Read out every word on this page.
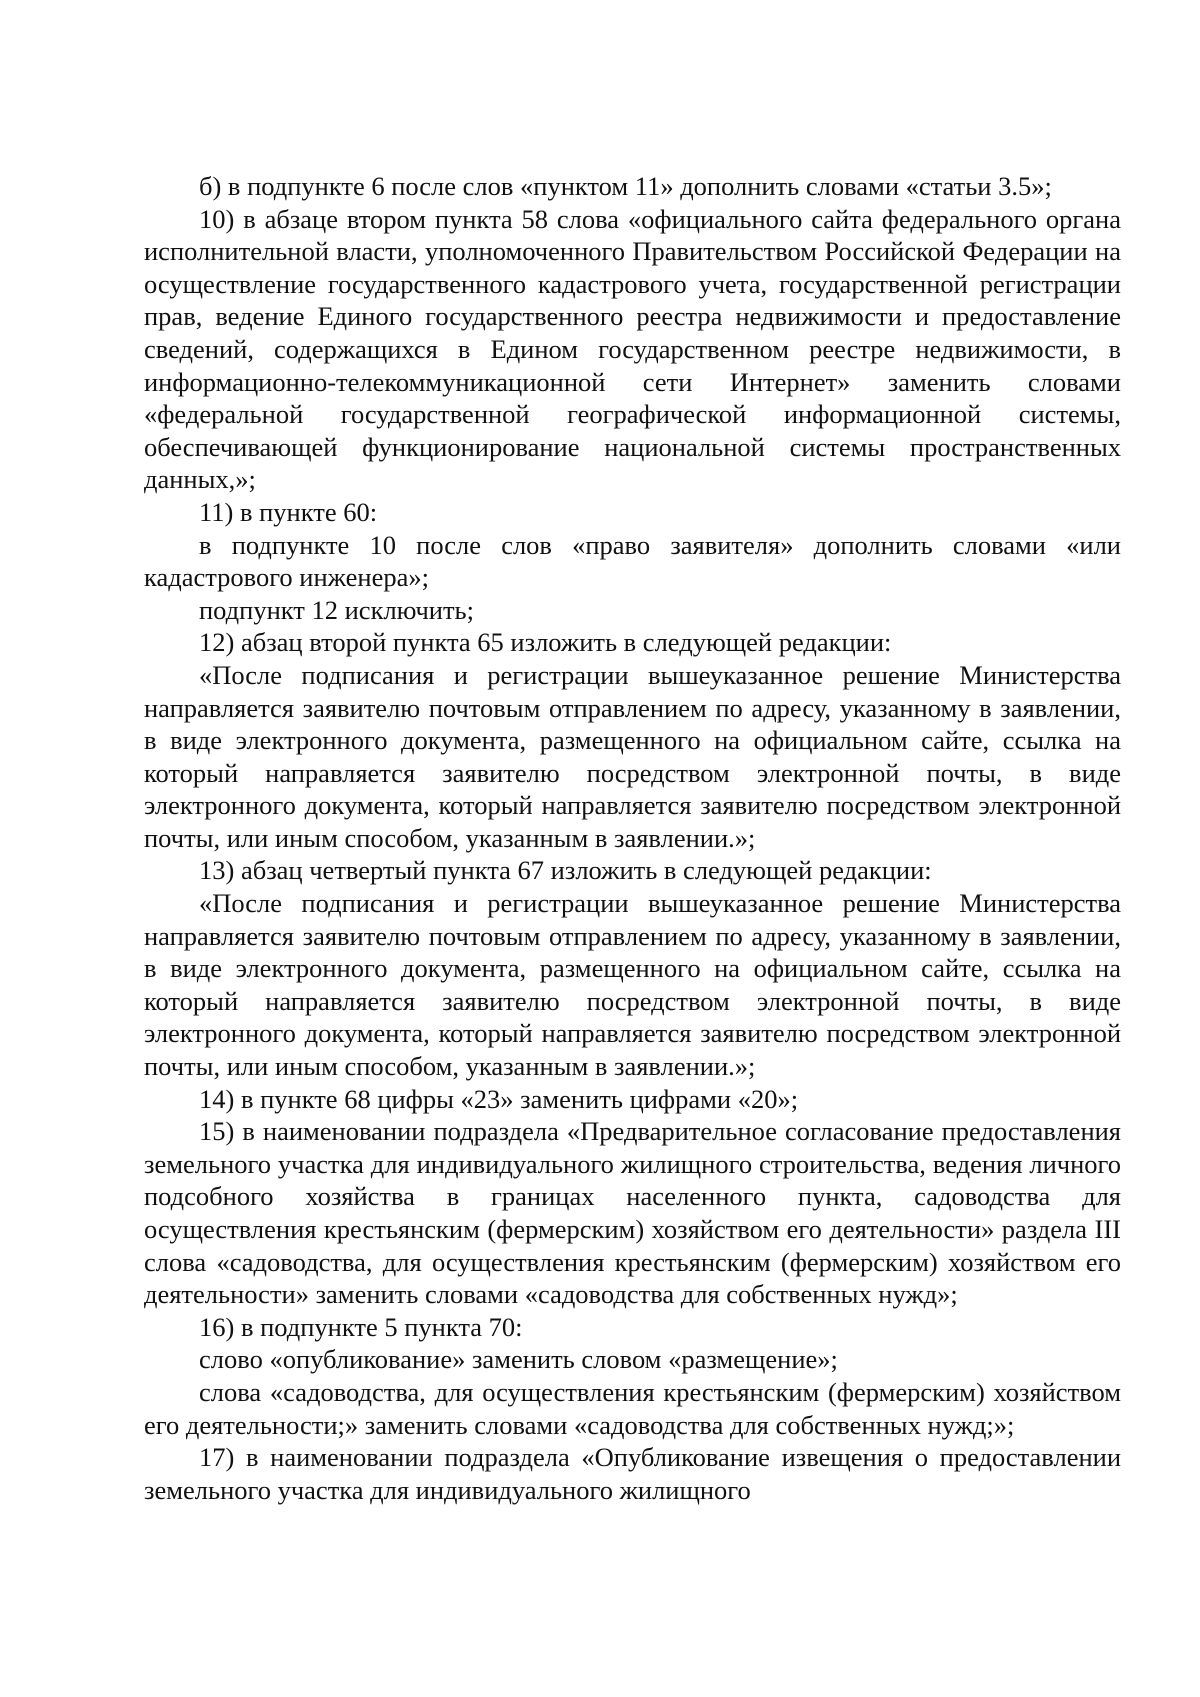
б) в подпункте 6 после слов «пунктом 11» дополнить словами «статьи 3.5»;

10) в абзаце втором пункта 58 слова «официального сайта федерального органа исполнительной власти, уполномоченного Правительством Российской Федерации на осуществление государственного кадастрового учета, государственной регистрации прав, ведение Единого государственного реестра недвижимости и предоставление сведений, содержащихся в Едином государственном реестре недвижимости, в информационно-телекоммуникационной сети Интернет» заменить словами «федеральной государственной географической информационной системы, обеспечивающей функционирование национальной системы пространственных данных,»;

11) в пункте 60:

в подпункте 10 после слов «право заявителя» дополнить словами «или кадастрового инженера»;

подпункт 12 исключить;

12) абзац второй пункта 65 изложить в следующей редакции:

«После подписания и регистрации вышеуказанное решение Министерства направляется заявителю почтовым отправлением по адресу, указанному в заявлении, в виде электронного документа, размещенного на официальном сайте, ссылка на который направляется заявителю посредством электронной почты, в виде электронного документа, который направляется заявителю посредством электронной почты, или иным способом, указанным в заявлении.»;

13) абзац четвертый пункта 67 изложить в следующей редакции:

«После подписания и регистрации вышеуказанное решение Министерства направляется заявителю почтовым отправлением по адресу, указанному в заявлении, в виде электронного документа, размещенного на официальном сайте, ссылка на который направляется заявителю посредством электронной почты, в виде электронного документа, который направляется заявителю посредством электронной почты, или иным способом, указанным в заявлении.»;

14) в пункте 68 цифры «23» заменить цифрами «20»;

15) в наименовании подраздела «Предварительное согласование предоставления земельного участка для индивидуального жилищного строительства, ведения личного подсобного хозяйства в границах населенного пункта, садоводства для осуществления крестьянским (фермерским) хозяйством его деятельности» раздела III слова «садоводства, для осуществления крестьянским (фермерским) хозяйством его деятельности» заменить словами «садоводства для собственных нужд»;

16) в подпункте 5 пункта 70:

слово «опубликование» заменить словом «размещение»;

слова «садоводства, для осуществления крестьянским (фермерским) хозяйством его деятельности;» заменить словами «садоводства для собственных нужд;»;

17) в наименовании подраздела «Опубликование извещения о предоставлении земельного участка для индивидуального жилищного
